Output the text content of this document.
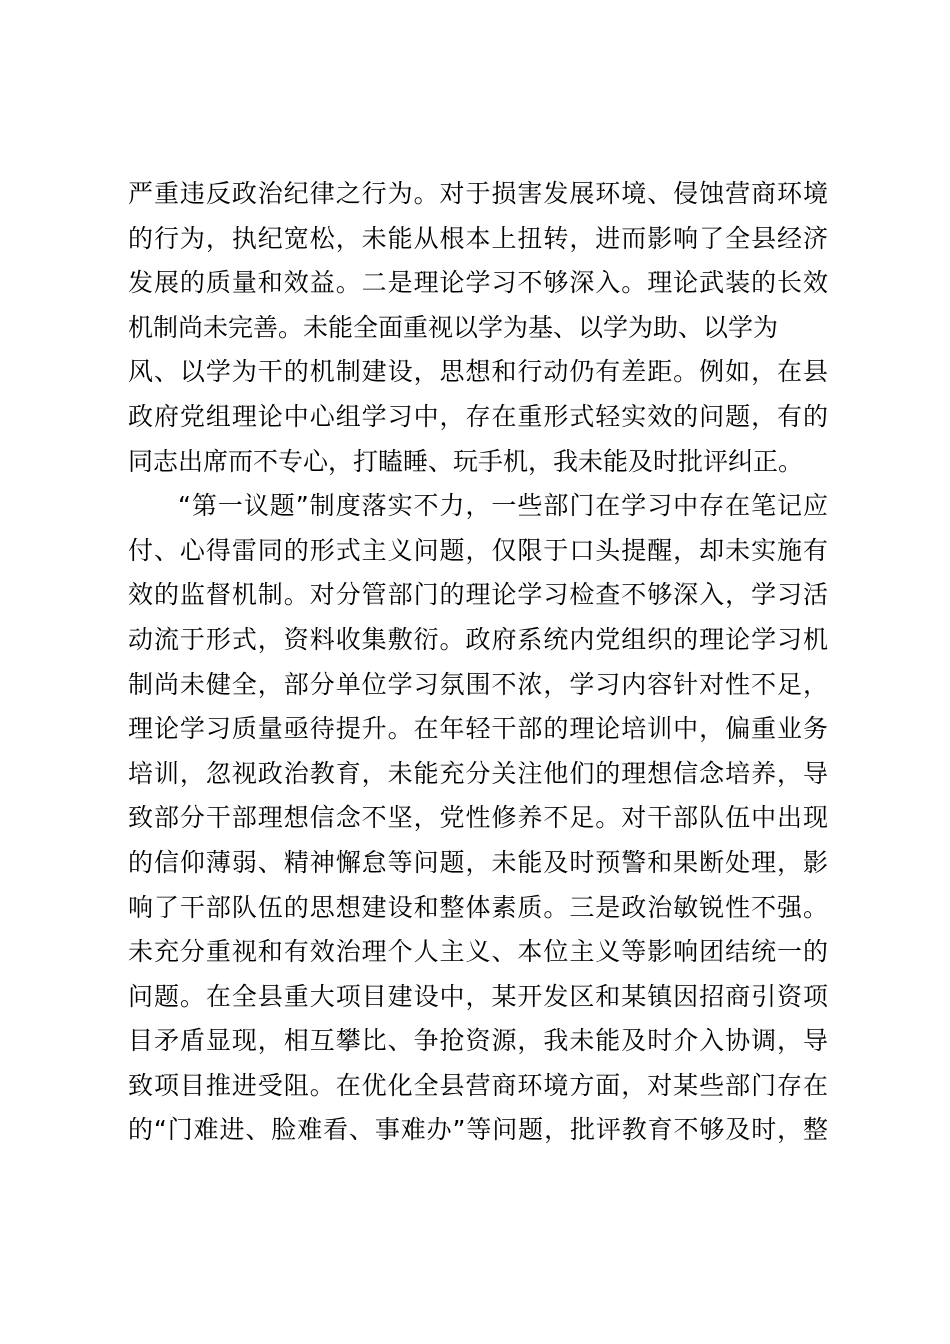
严重违反政治纪律之行为。对于损害发展环境、侵蚀营商环境
的行为，执纪宽松，未能从根本上扭转，进而影响了全县经济
发展的质量和效益。二是理论学习不够深入。理论武装的长效
机制尚未完善。未能全面重视以学为基、以学为助、以学为
风、以学为干的机制建设，思想和行动仍有差距。例如，在县
政府党组理论中心组学习中，存在重形式轻实效的问题，有的
同志出席而不专心，打瞌睡、玩手机，我未能及时批评纠正。
“第一议题”制度落实不力，一些部门在学习中存在笔记应
付、心得雷同的形式主义问题，仅限于口头提醒，却未实施有
效的监督机制。对分管部门的理论学习检查不够深入，学习活
动流于形式，资料收集敷衍。政府系统内党组织的理论学习机
制尚未健全，部分单位学习氛围不浓，学习内容针对性不足，
理论学习质量亟待提升。在年轻干部的理论培训中，偏重业务
培训，忽视政治教育，未能充分关注他们的理想信念培养，导
致部分干部理想信念不坚，党性修养不足。对干部队伍中出现
的信仰薄弱、精神懈怠等问题，未能及时预警和果断处理，影
响了干部队伍的思想建设和整体素质。三是政治敏锐性不强。
未充分重视和有效治理个人主义、本位主义等影响团结统一的
问题。在全县重大项目建设中，某开发区和某镇因招商引资项
目矛盾显现，相互攀比、争抢资源，我未能及时介入协调，导
致项目推进受阻。在优化全县营商环境方面，对某些部门存在
的“门难进、脸难看、事难办”等问题，批评教育不够及时，整
